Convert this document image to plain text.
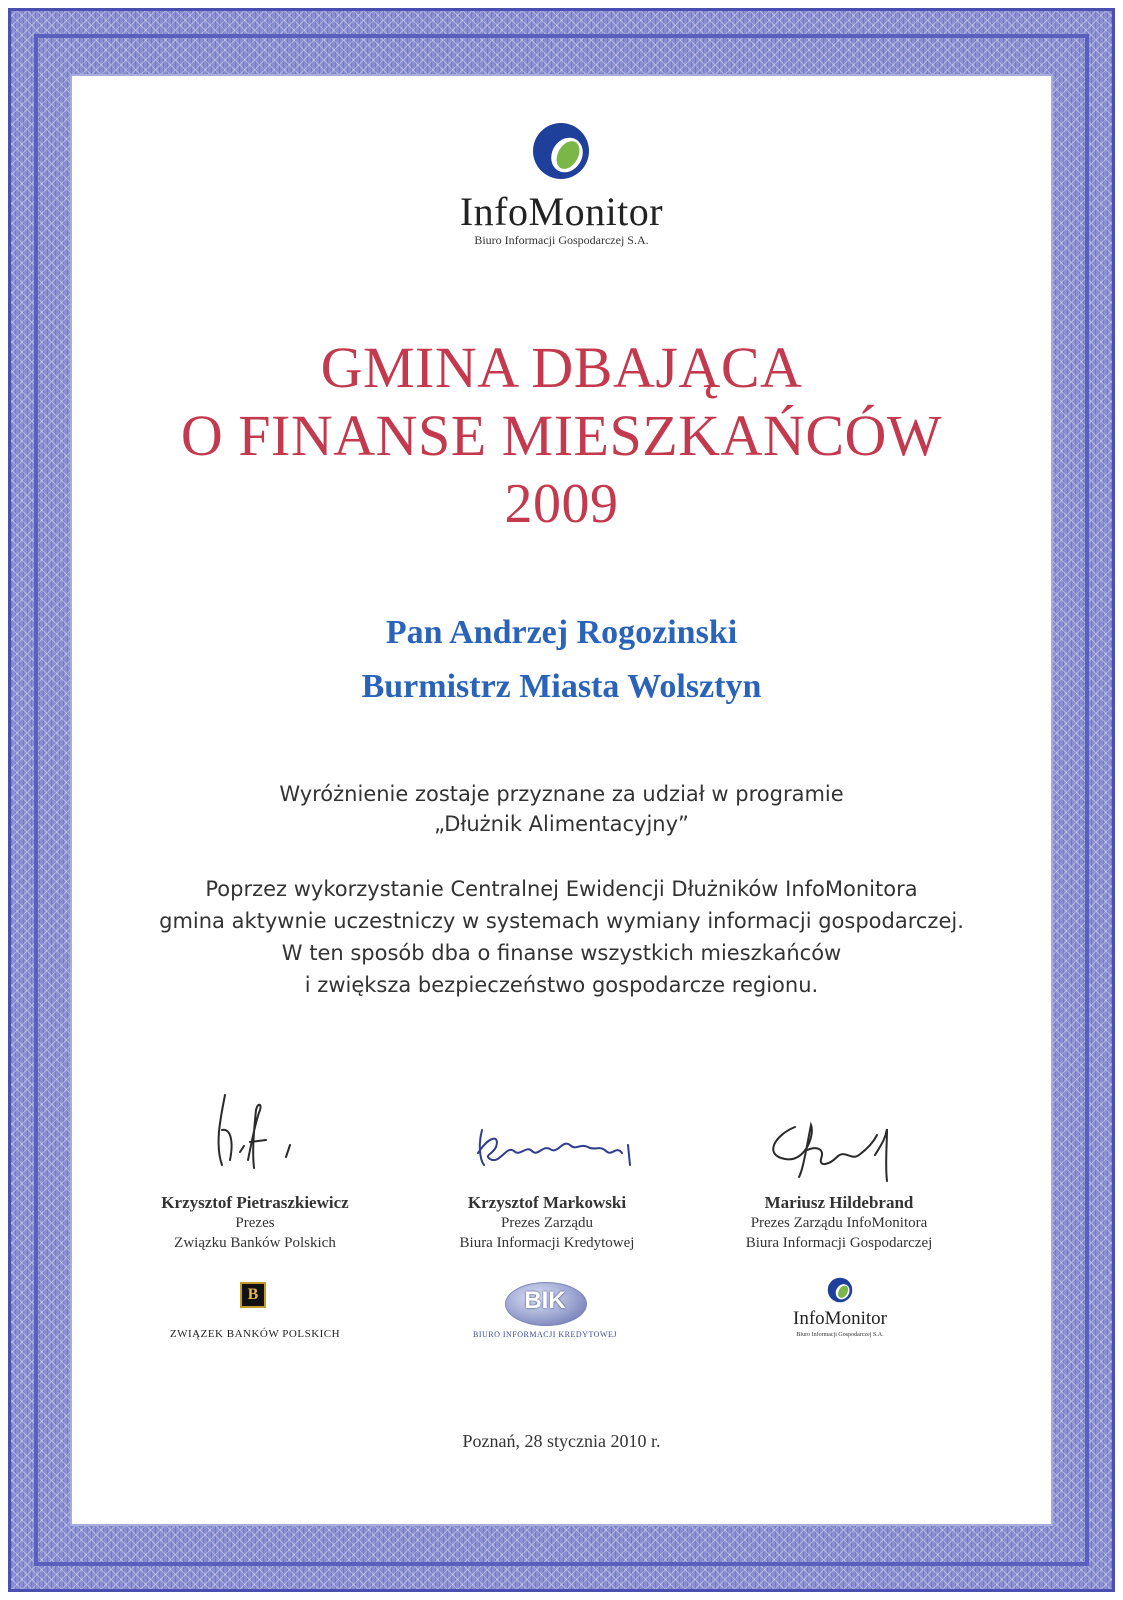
InfoMonitor
Biuro Informacji Gospodarczej S.A.
GMINA DBAJĄCA
O FINANSE MIESZKAŃCÓW
2009
Pan Andrzej Rogozinski
Burmistrz Miasta Wolsztyn
Wyróżnienie zostaje przyznane za udział w programie
„Dłużnik Alimentacyjny”
Poprzez wykorzystanie Centralnej Ewidencji Dłużników InfoMonitora
gmina aktywnie uczestniczy w systemach wymiany informacji gospodarczej.
W ten sposób dba o finanse wszystkich mieszkańców
i zwiększa bezpieczeństwo gospodarcze regionu.
Krzysztof Pietraszkiewicz
Prezes
Związku Banków Polskich
Krzysztof Markowski
Prezes Zarządu
Biura Informacji Kredytowej
Mariusz Hildebrand
Prezes Zarządu InfoMonitora
Biura Informacji Gospodarczej
B
ZWIĄZEK BANKÓW POLSKICH
BIK
BIURO INFORMACJI KREDYTOWEJ
InfoMonitor
Biuro Informacji Gospodarczej S.A.
Poznań, 28 stycznia 2010 r.
